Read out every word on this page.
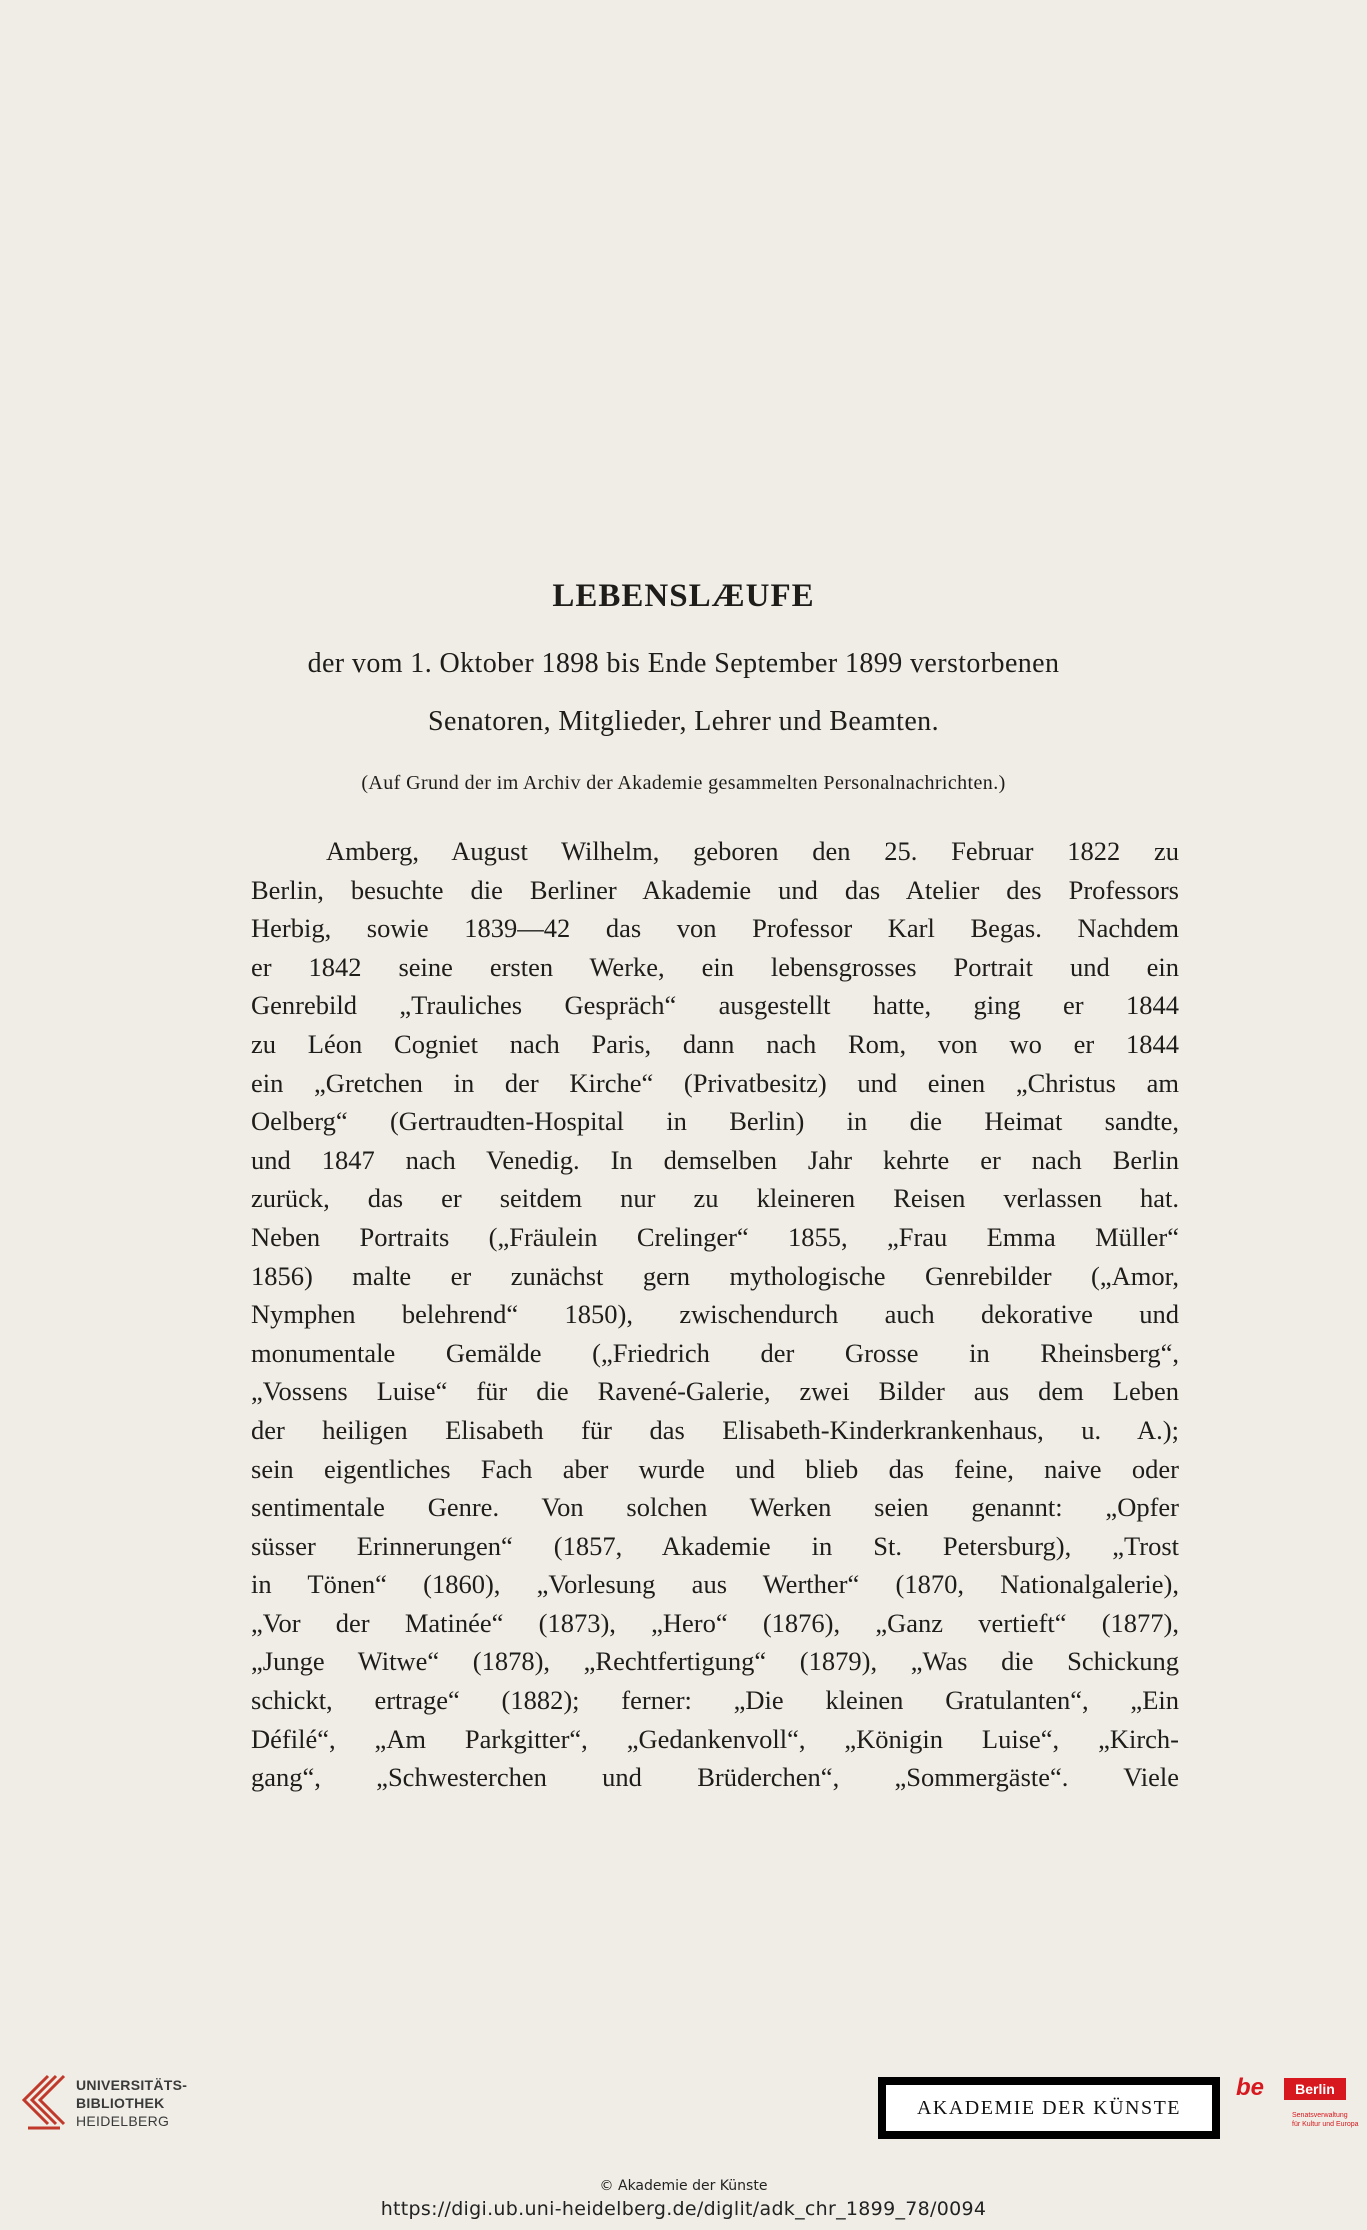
LEBENSLÆUFE

der vom 1. Oktober 1898 bis Ende September 1899 verstorbenen

Senatoren, Mitglieder, Lehrer und Beamten.

(Auf Grund der im Archiv der Akademie gesammelten Personalnachrichten.)

Amberg, August Wilhelm, geboren den 25. Februar 1822 zu
Berlin, besuchte die Berliner Akademie und das Atelier des Professors
Herbig, sowie 1839—42 das von Professor Karl Begas. Nachdem
er 1842 seine ersten Werke, ein lebensgrosses Portrait und ein
Genrebild „Trauliches Gespräch“ ausgestellt hatte, ging er 1844
zu Léon Cogniet nach Paris, dann nach Rom, von wo er 1844
ein „Gretchen in der Kirche“ (Privatbesitz) und einen „Christus am
Oelberg“ (Gertraudten-Hospital in Berlin) in die Heimat sandte,
und 1847 nach Venedig. In demselben Jahr kehrte er nach Berlin
zurück, das er seitdem nur zu kleineren Reisen verlassen hat.
Neben Portraits („Fräulein Crelinger“ 1855, „Frau Emma Müller“
1856) malte er zunächst gern mythologische Genrebilder („Amor,
Nymphen belehrend“ 1850), zwischendurch auch dekorative und
monumentale Gemälde („Friedrich der Grosse in Rheinsberg“,
„Vossens Luise“ für die Ravené-Galerie, zwei Bilder aus dem Leben
der heiligen Elisabeth für das Elisabeth-Kinderkrankenhaus, u. A.);
sein eigentliches Fach aber wurde und blieb das feine, naive oder
sentimentale Genre. Von solchen Werken seien genannt: „Opfer
süsser Erinnerungen“ (1857, Akademie in St. Petersburg), „Trost
in Tönen“ (1860), „Vorlesung aus Werther“ (1870, Nationalgalerie),
„Vor der Matinée“ (1873), „Hero“ (1876), „Ganz vertieft“ (1877),
„Junge Witwe“ (1878), „Rechtfertigung“ (1879), „Was die Schickung
schickt, ertrage“ (1882); ferner: „Die kleinen Gratulanten“, „Ein
Défilé“, „Am Parkgitter“, „Gedankenvoll“, „Königin Luise“, „Kirch-
gang“, „Schwesterchen und Brüderchen“, „Sommergäste“. Viele

UNIVERSITÄTS-

BIBLIOTHEK

HEIDELBERG

AKADEMIE DER KÜNSTE

be	Berlin

Senatsverwaltung

für Kultur und Europa

© Akademie der Künste

https://digi.ub.uni-heidelberg.de/diglit/adk_chr_1899_78/0094
